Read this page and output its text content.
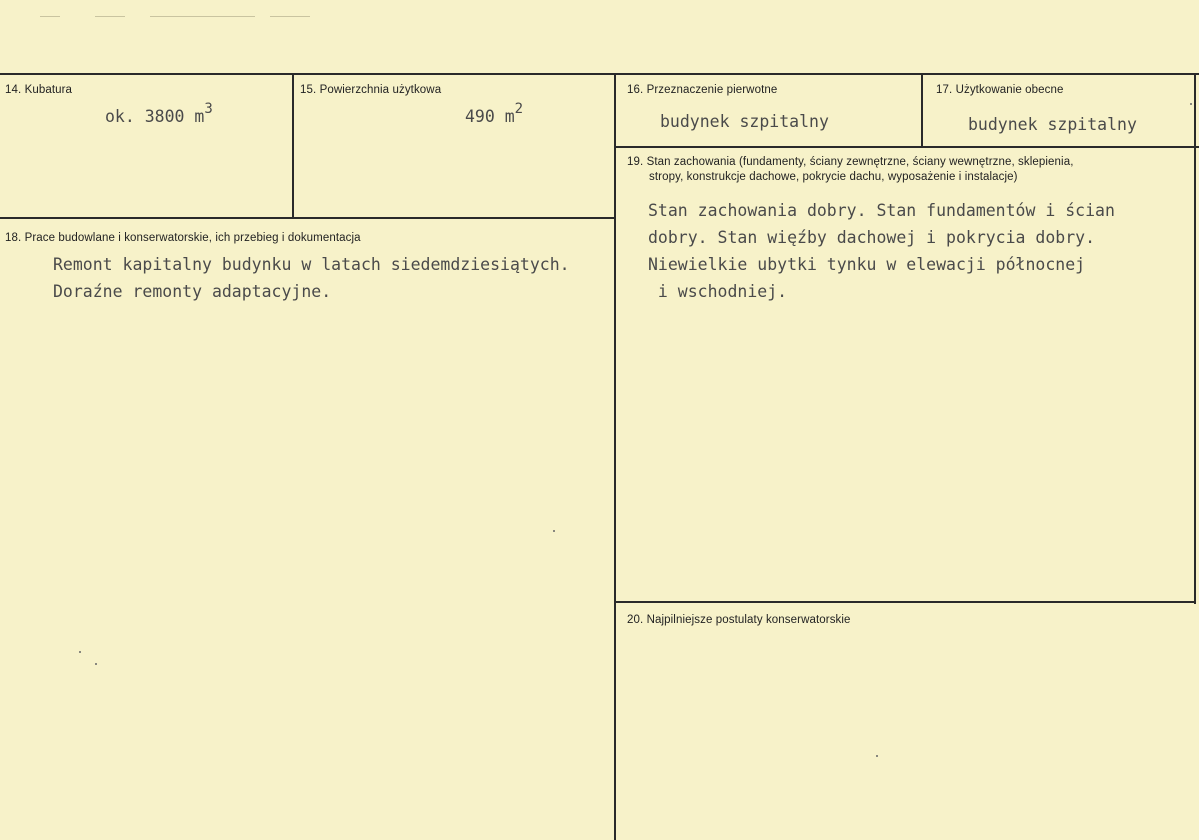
14. Kubatura
ok. 3800 $m^3$
15. Powierzchnia użytkowa
490 $m^2$
16. Przeznaczenie pierwotne
budynek szpitalny
17. Użytkowanie obecne
budynek szpitalny
18. Prace budowlane i konserwatorskie, ich przebieg i dokumentacja
Remont kapitalny budynku w latach siedemdziesiątych.
Doraźne remonty adaptacyjne.
19. Stan zachowania (fundamenty, ściany zewnętrzne, ściany wewnętrzne, sklepienia,
stropy, konstrukcje dachowe, pokrycie dachu, wyposażenie i instalacje)
Stan zachowania dobry. Stan fundamentów i ścian
dobry. Stan więźby dachowej i pokrycia dobry.
Niewielkie ubytki tynku w elewacji północnej
i wschodniej.
20. Najpilniejsze postulaty konserwatorskie
